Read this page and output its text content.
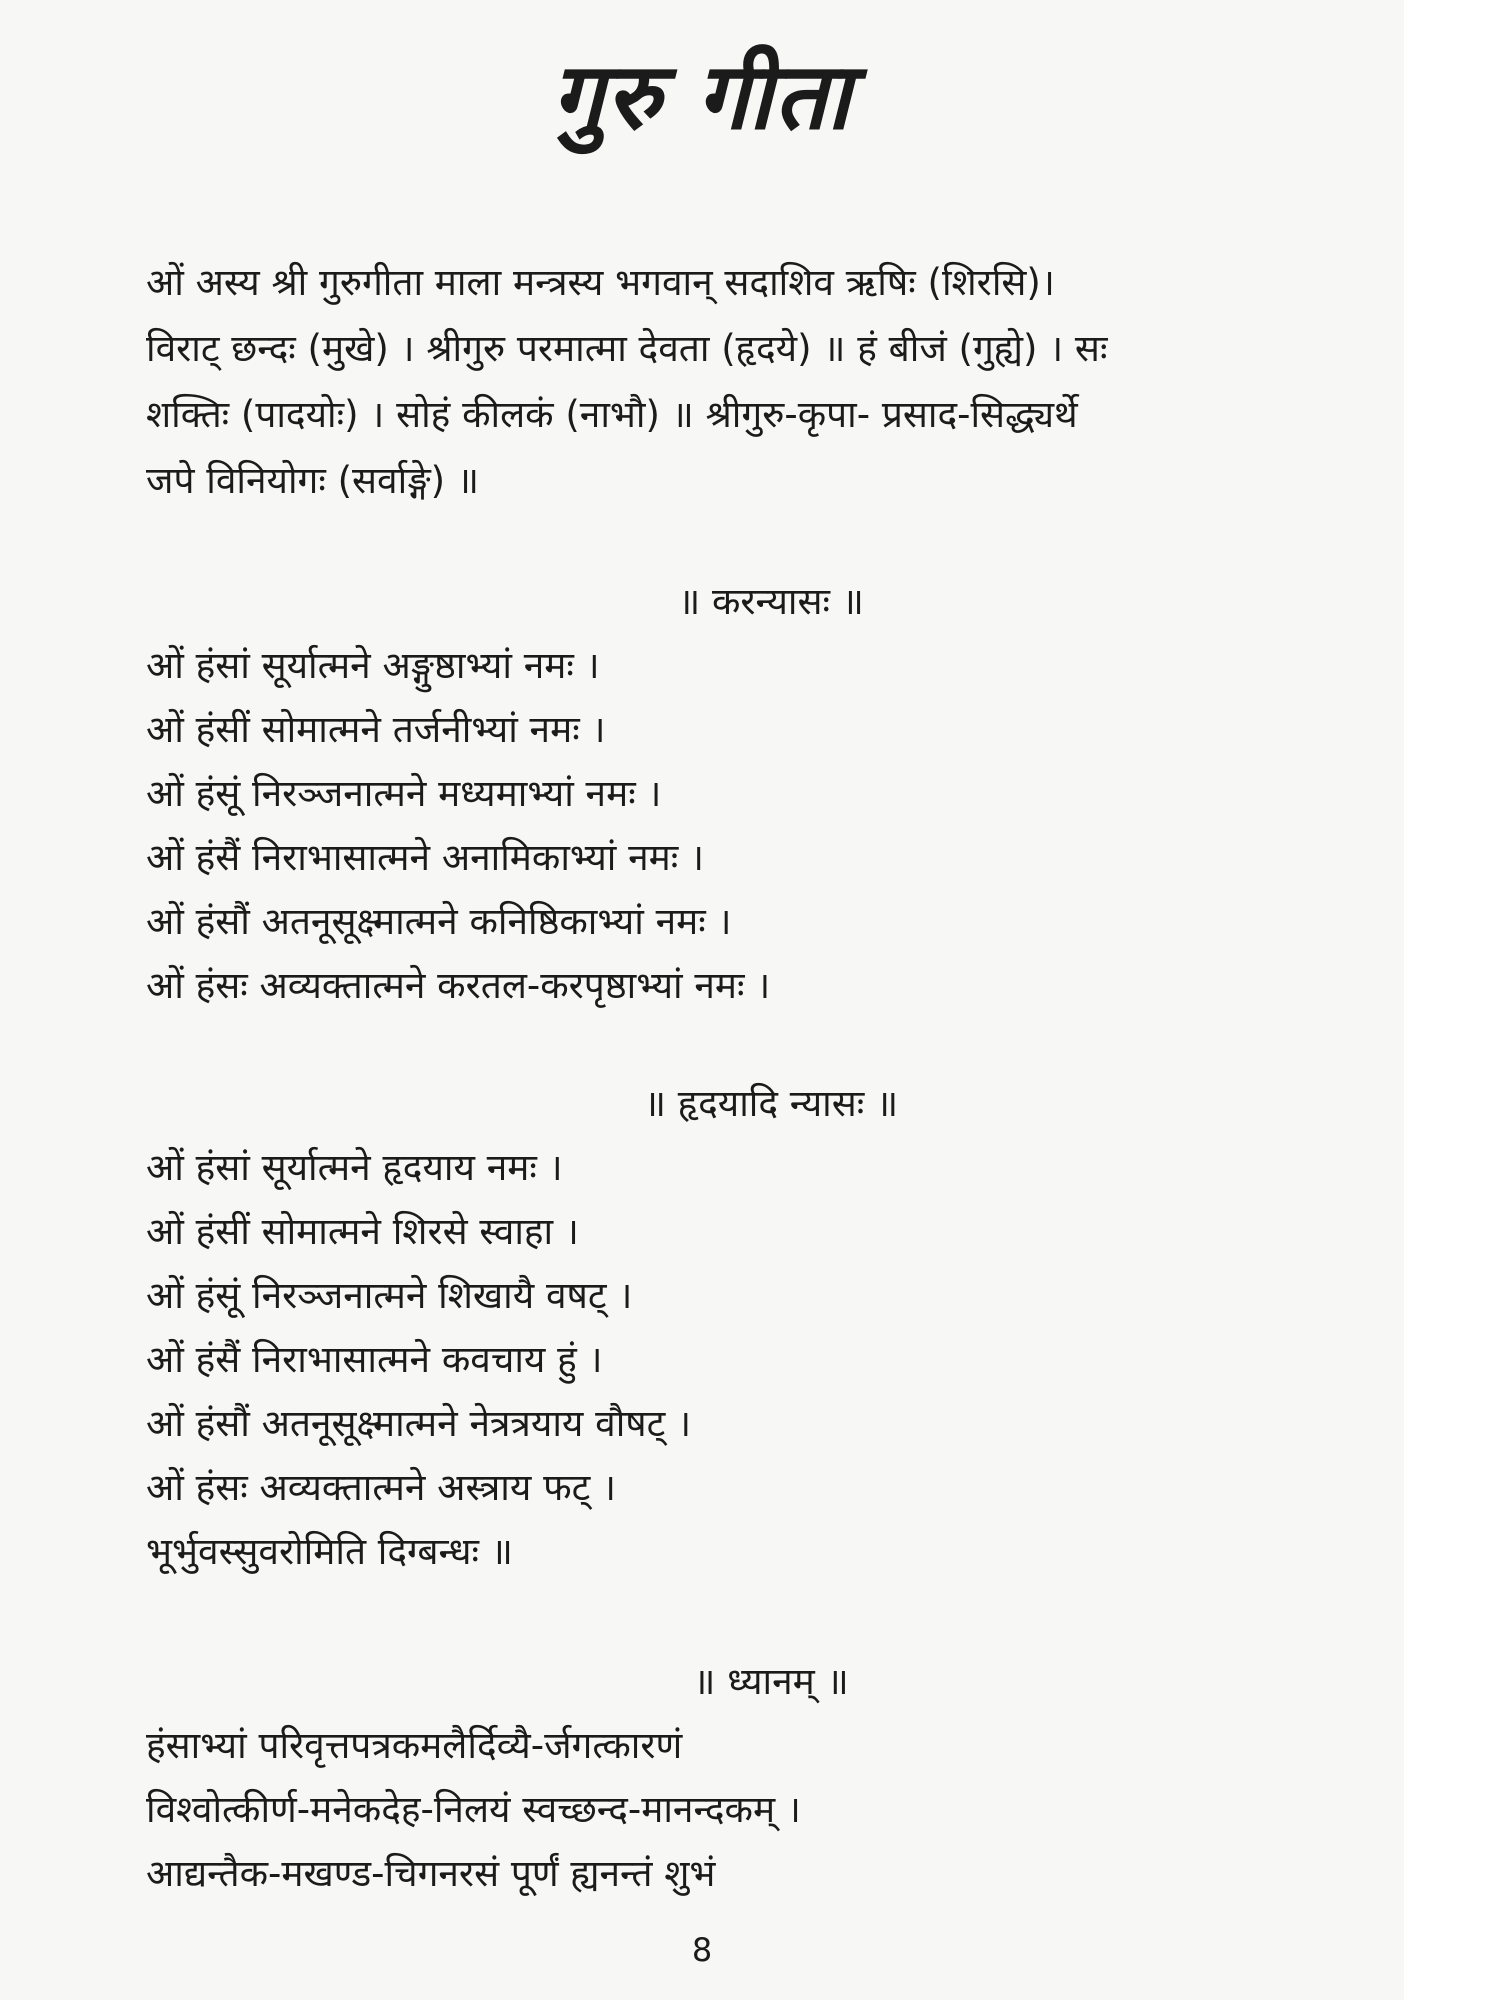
गुरु गीता
ओं अस्य श्री गुरुगीता माला मन्त्रस्य भगवान् सदाशिव ऋषिः (शिरसि)।
विराट् छन्दः (मुखे) । श्रीगुरु परमात्मा देवता (हृदये) ॥ हं बीजं (गुह्ये) । सः
शक्तिः (पादयोः) । सोहं कीलकं (नाभौ) ॥ श्रीगुरु-कृपा- प्रसाद-सिद्ध्यर्थे
जपे विनियोगः (सर्वाङ्गे) ॥
॥ करन्यासः ॥
ओं हंसां सूर्यात्मने अङ्गुष्ठाभ्यां नमः ।
ओं हंसीं सोमात्मने तर्जनीभ्यां नमः ।
ओं हंसूं निरञ्जनात्मने मध्यमाभ्यां नमः ।
ओं हंसैं निराभासात्मने अनामिकाभ्यां नमः ।
ओं हंसौं अतनूसूक्ष्मात्मने कनिष्ठिकाभ्यां नमः ।
ओं हंसः अव्यक्तात्मने करतल-करपृष्ठाभ्यां नमः ।
॥ हृदयादि न्यासः ॥
ओं हंसां सूर्यात्मने हृदयाय नमः ।
ओं हंसीं सोमात्मने शिरसे स्वाहा ।
ओं हंसूं निरञ्जनात्मने शिखायै वषट् ।
ओं हंसैं निराभासात्मने कवचाय हुं ।
ओं हंसौं अतनूसूक्ष्मात्मने नेत्रत्रयाय वौषट् ।
ओं हंसः अव्यक्तात्मने अस्त्राय फट् ।
भूर्भुवस्सुवरोमिति दिग्बन्धः ॥
॥ ध्यानम् ॥
हंसाभ्यां परिवृत्तपत्रकमलैर्दिव्यै-र्जगत्कारणं
विश्वोत्कीर्ण-मनेकदेह-निलयं स्वच्छन्द-मानन्दकम् ।
आद्यन्तैक-मखण्ड-चिगनरसं पूर्णं ह्यनन्तं शुभं
8
